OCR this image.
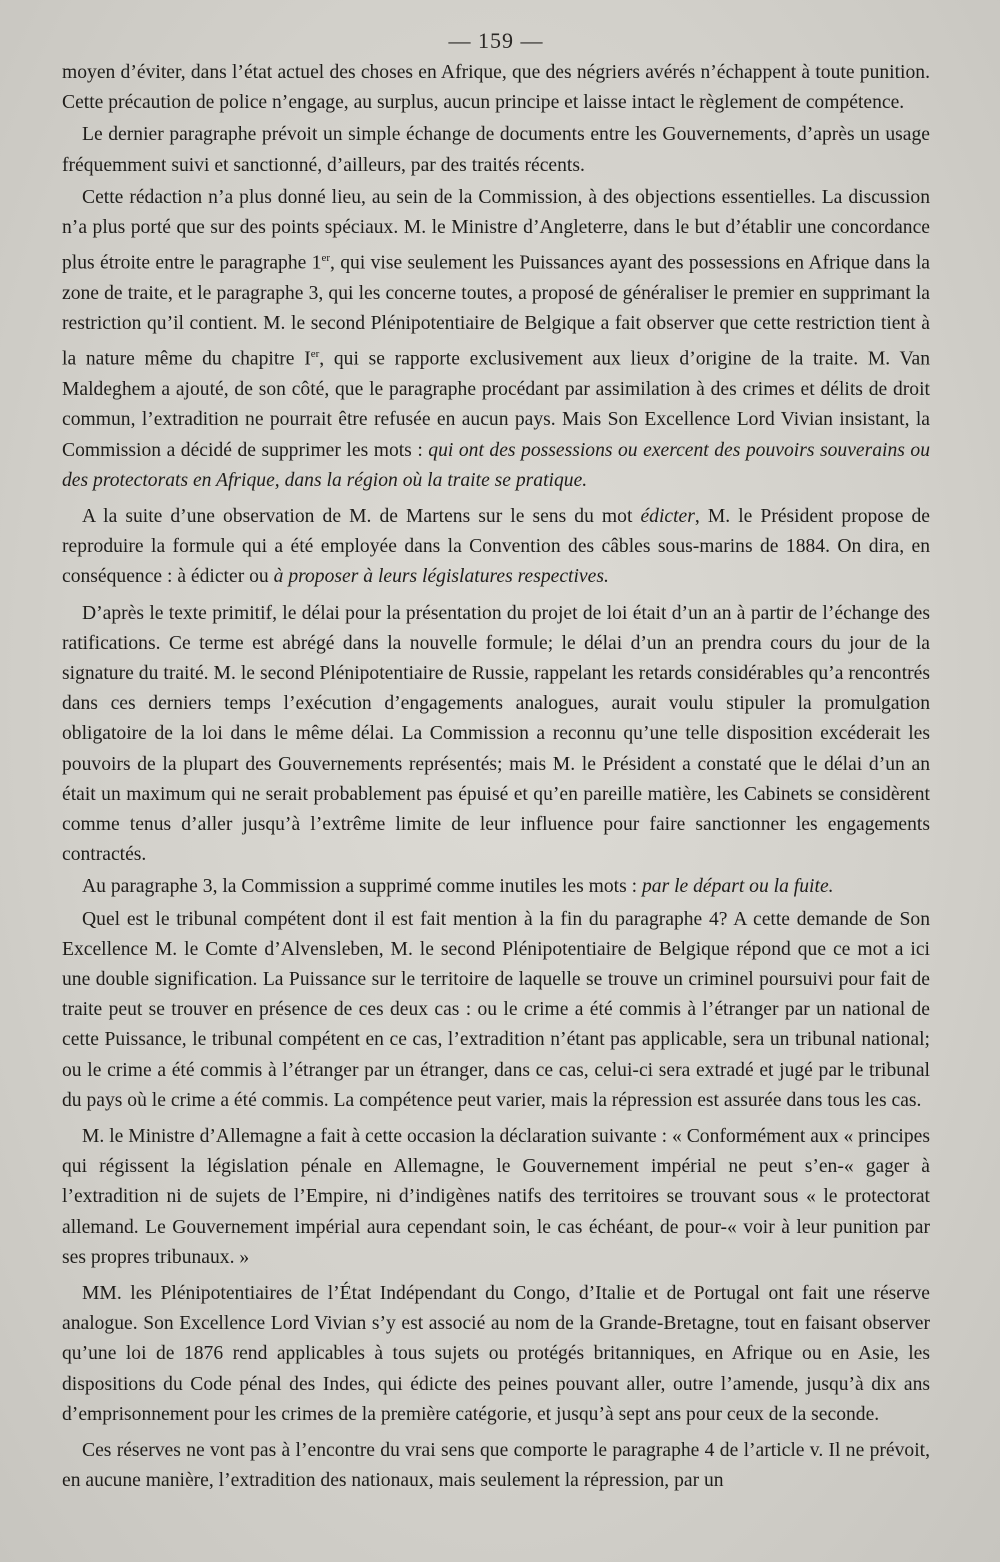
— 159 —

moyen d’éviter, dans l’état actuel des choses en Afrique, que des négriers avérés n’échappent à toute punition. Cette précaution de police n’engage, au surplus, aucun principe et laisse intact le règlement de compétence.

Le dernier paragraphe prévoit un simple échange de documents entre les Gouvernements, d’après un usage fréquemment suivi et sanctionné, d’ailleurs, par des traités récents.

Cette rédaction n’a plus donné lieu, au sein de la Commission, à des objections essentielles. La discussion n’a plus porté que sur des points spéciaux. M. le Ministre d’Angleterre, dans le but d’établir une concordance plus étroite entre le paragraphe 1er, qui vise seulement les Puissances ayant des possessions en Afrique dans la zone de traite, et le paragraphe 3, qui les concerne toutes, a proposé de généraliser le premier en supprimant la restriction qu’il contient. M. le second Plénipotentiaire de Belgique a fait observer que cette restriction tient à la nature même du chapitre Ier, qui se rapporte exclusivement aux lieux d’origine de la traite. M. Van Maldeghem a ajouté, de son côté, que le paragraphe procédant par assimilation à des crimes et délits de droit commun, l’extradition ne pourrait être refusée en aucun pays. Mais Son Excellence Lord Vivian insistant, la Commission a décidé de supprimer les mots : qui ont des possessions ou exercent des pouvoirs souverains ou des protectorats en Afrique, dans la région où la traite se pratique.

A la suite d’une observation de M. de Martens sur le sens du mot édicter, M. le Président propose de reproduire la formule qui a été employée dans la Convention des câbles sous-marins de 1884. On dira, en conséquence : à édicter ou à proposer à leurs législatures respectives.

D’après le texte primitif, le délai pour la présentation du projet de loi était d’un an à partir de l’échange des ratifications. Ce terme est abrégé dans la nouvelle formule; le délai d’un an prendra cours du jour de la signature du traité. M. le second Plénipotentiaire de Russie, rappelant les retards considérables qu’a rencontrés dans ces derniers temps l’exécution d’engagements analogues, aurait voulu stipuler la promulgation obligatoire de la loi dans le même délai. La Commission a reconnu qu’une telle disposition excéderait les pouvoirs de la plupart des Gouvernements représentés; mais M. le Président a constaté que le délai d’un an était un maximum qui ne serait probablement pas épuisé et qu’en pareille matière, les Cabinets se considèrent comme tenus d’aller jusqu’à l’extrême limite de leur influence pour faire sanctionner les engagements contractés.

Au paragraphe 3, la Commission a supprimé comme inutiles les mots : par le départ ou la fuite.

Quel est le tribunal compétent dont il est fait mention à la fin du paragraphe 4? A cette demande de Son Excellence M. le Comte d’Alvensleben, M. le second Plénipotentiaire de Belgique répond que ce mot a ici une double signification. La Puissance sur le territoire de laquelle se trouve un criminel poursuivi pour fait de traite peut se trouver en présence de ces deux cas : ou le crime a été commis à l’étranger par un national de cette Puissance, le tribunal compétent en ce cas, l’extradition n’étant pas applicable, sera un tribunal national; ou le crime a été commis à l’étranger par un étranger, dans ce cas, celui-ci sera extradé et jugé par le tribunal du pays où le crime a été commis. La compétence peut varier, mais la répression est assurée dans tous les cas.

M. le Ministre d’Allemagne a fait à cette occasion la déclaration suivante : « Conformément aux « principes qui régissent la législation pénale en Allemagne, le Gouvernement impérial ne peut s’en-« gager à l’extradition ni de sujets de l’Empire, ni d’indigènes natifs des territoires se trouvant sous « le protectorat allemand. Le Gouvernement impérial aura cependant soin, le cas échéant, de pour-« voir à leur punition par ses propres tribunaux. »

MM. les Plénipotentiaires de l’État Indépendant du Congo, d’Italie et de Portugal ont fait une réserve analogue. Son Excellence Lord Vivian s’y est associé au nom de la Grande-Bretagne, tout en faisant observer qu’une loi de 1876 rend applicables à tous sujets ou protégés britanniques, en Afrique ou en Asie, les dispositions du Code pénal des Indes, qui édicte des peines pouvant aller, outre l’amende, jusqu’à dix ans d’emprisonnement pour les crimes de la première catégorie, et jusqu’à sept ans pour ceux de la seconde.

Ces réserves ne vont pas à l’encontre du vrai sens que comporte le paragraphe 4 de l’article v. Il ne prévoit, en aucune manière, l’extradition des nationaux, mais seulement la répression, par un
